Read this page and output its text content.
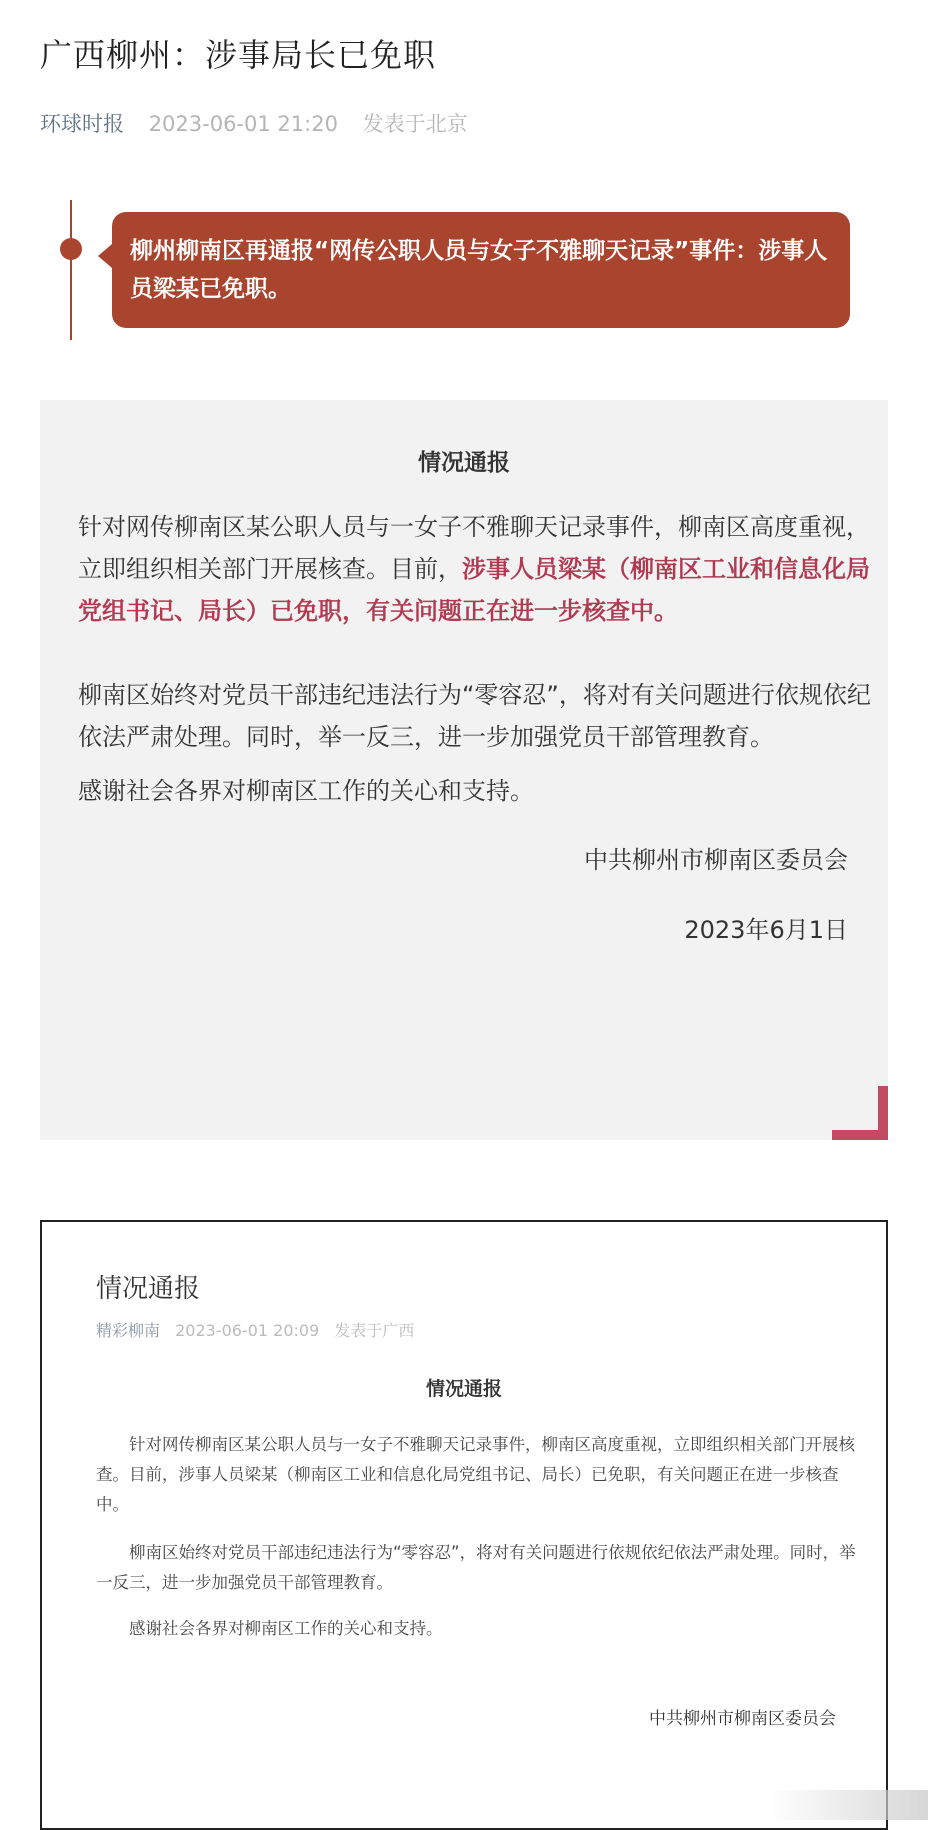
广西柳州：涉事局长已免职
环球时报 2023-06-01 21:20 发表于北京
柳州柳南区再通报“网传公职人员与女子不雅聊天记录”事件：涉事人员梁某已免职。
情况通报
针对网传柳南区某公职人员与一女子不雅聊天记录事件，柳南区高度重视，立即组织相关部门开展核查。目前，涉事人员梁某（柳南区工业和信息化局党组书记、局长）已免职，有关问题正在进一步核查中。
柳南区始终对党员干部违纪违法行为“零容忍”，将对有关问题进行依规依纪依法严肃处理。同时，举一反三，进一步加强党员干部管理教育。
感谢社会各界对柳南区工作的关心和支持。
中共柳州市柳南区委员会
2023年6月1日
情况通报
精彩柳南 2023-06-01 20:09 发表于广西
情况通报
针对网传柳南区某公职人员与一女子不雅聊天记录事件，柳南区高度重视，立即组织相关部门开展核查。目前，涉事人员梁某（柳南区工业和信息化局党组书记、局长）已免职，有关问题正在进一步核查中。
柳南区始终对党员干部违纪违法行为“零容忍”，将对有关问题进行依规依纪依法严肃处理。同时，举一反三，进一步加强党员干部管理教育。
感谢社会各界对柳南区工作的关心和支持。
中共柳州市柳南区委员会
